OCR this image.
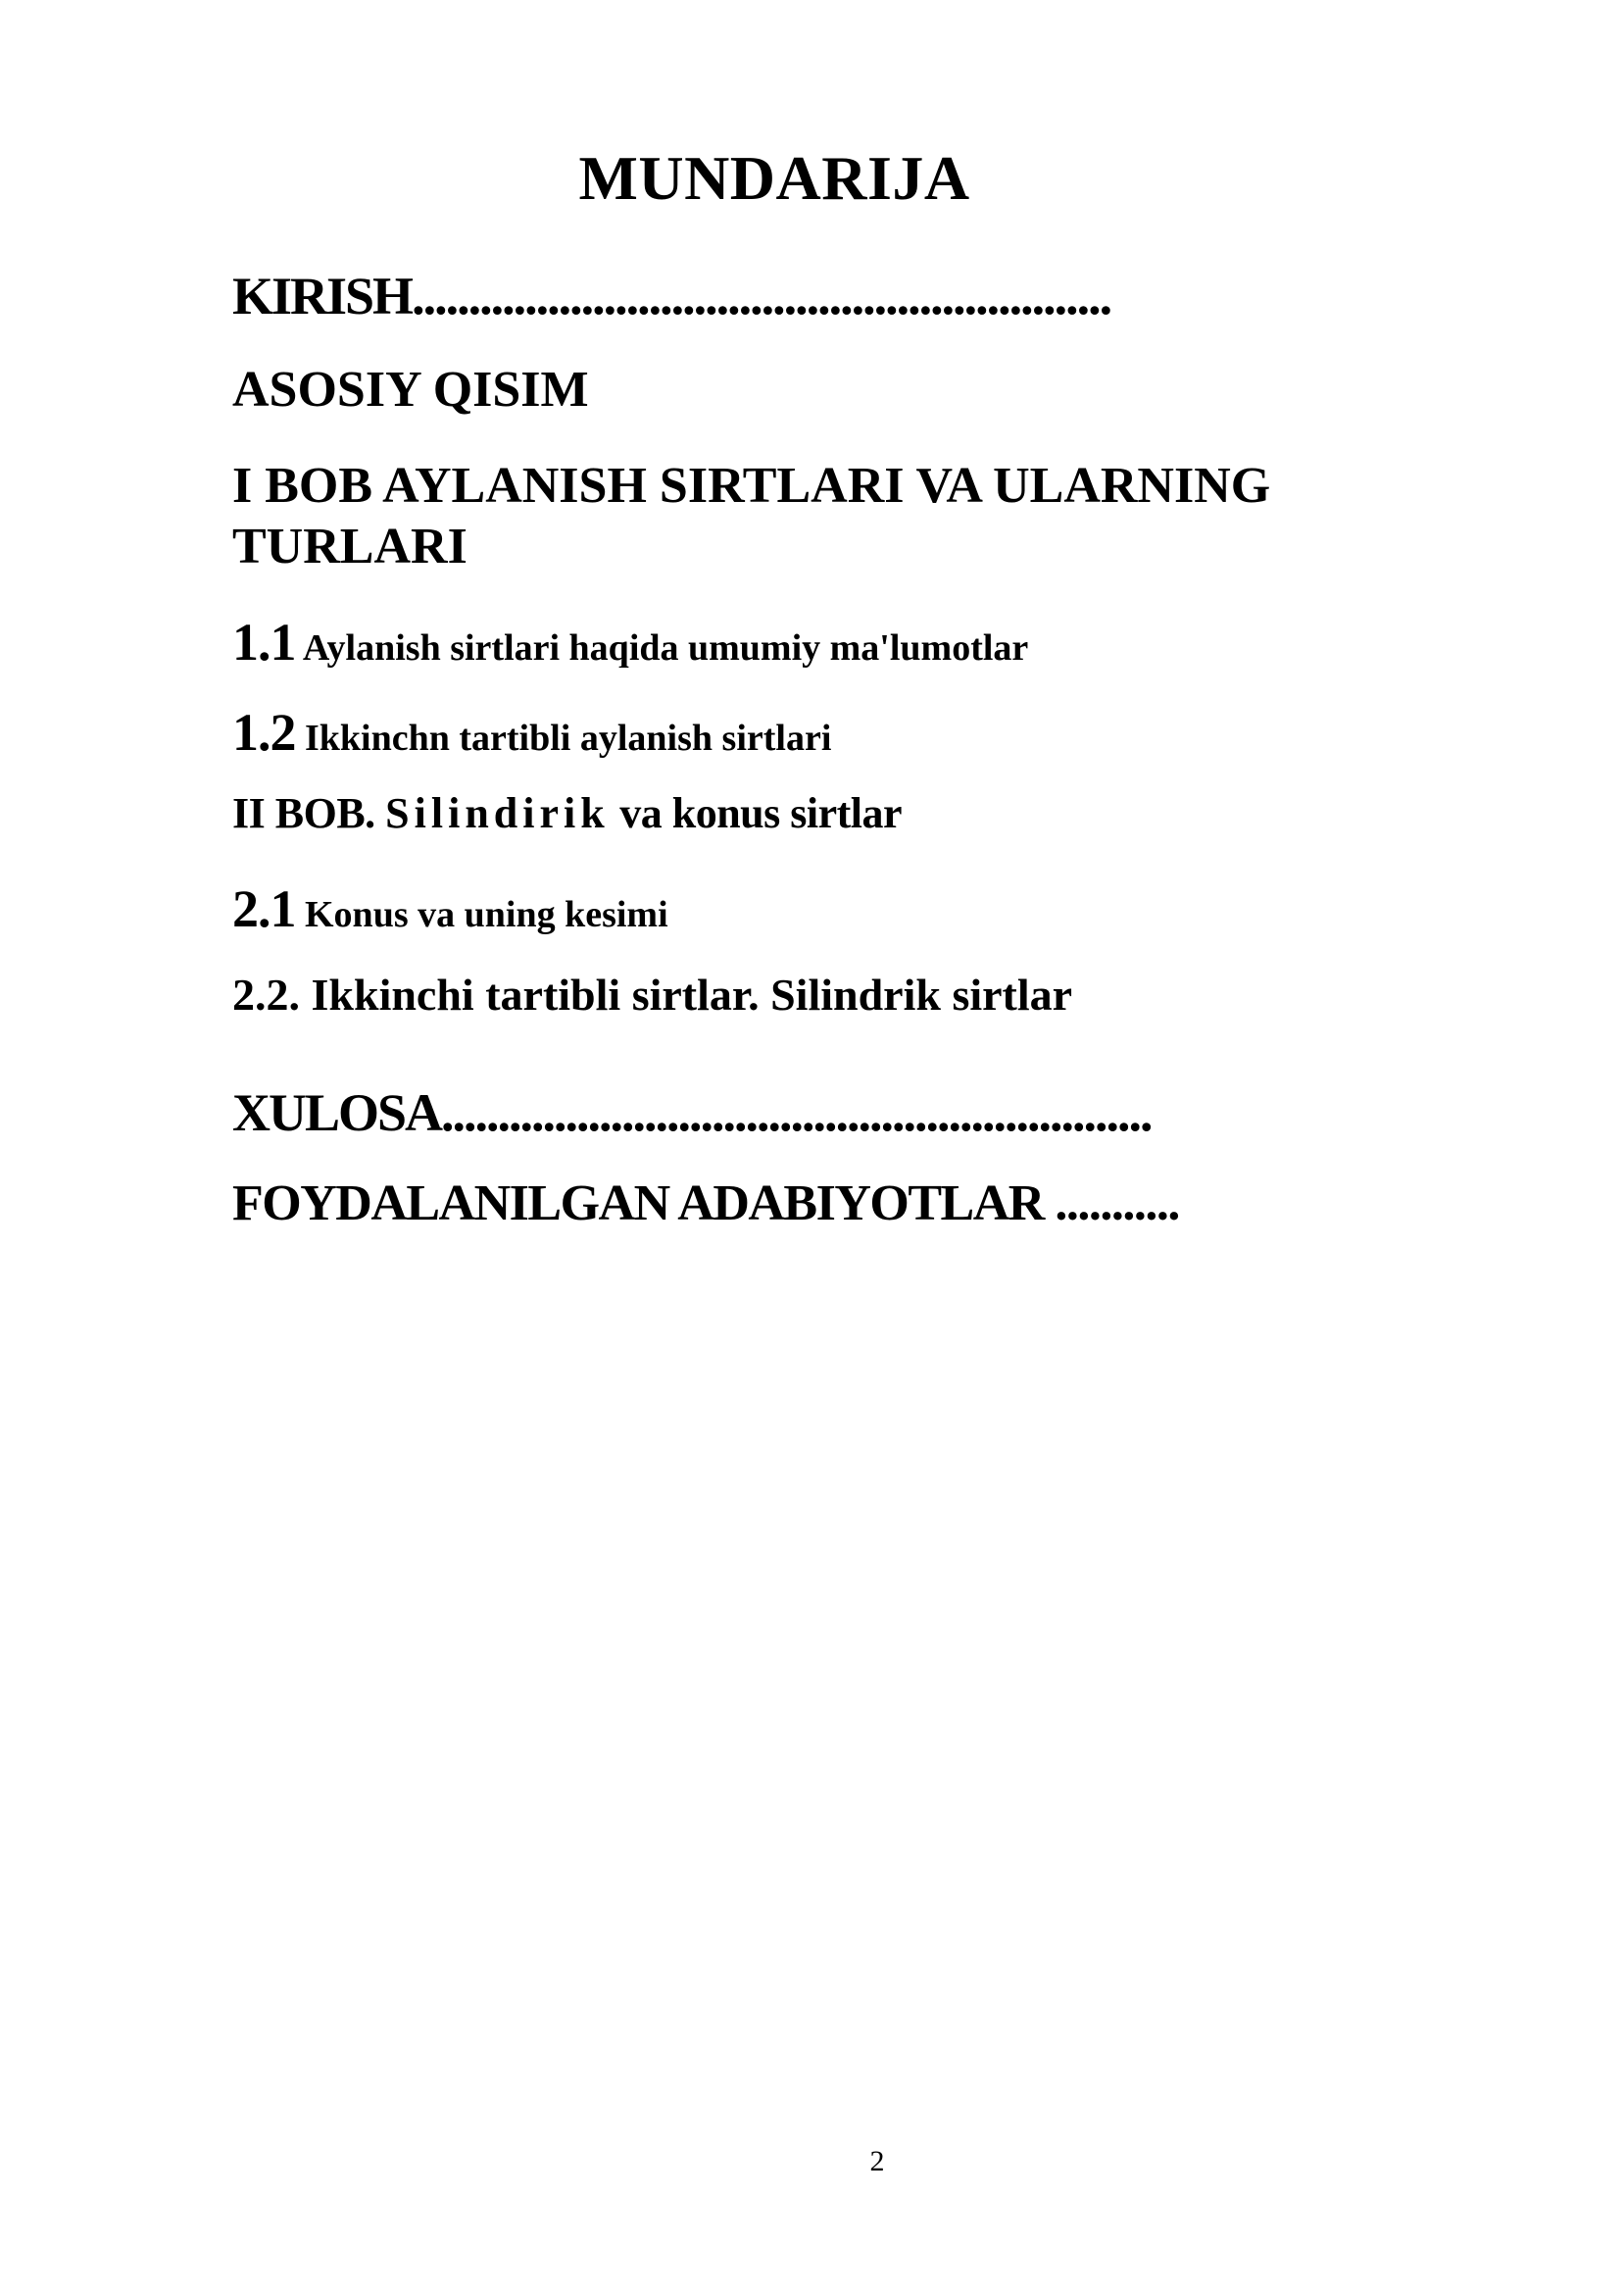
MUNDARIJA
KIRISH..............................................................
ASOSIY QISIM
I BOB AYLANISH SIRTLARI VA ULARNING TURLARI
1.1 Aylanish sirtlari haqida umumiy ma'lumotlar
1.2 Ikkinchn tartibli aylanish sirtlari
II BOB. Silindirik va konus sirtlar
2.1 Konus va uning kesimi
2.2. Ikkinchi tartibli sirtlar. Silindrik sirtlar
XULOSA...............................................................
FOYDALANILGAN ADABIYOTLAR ...........
2
